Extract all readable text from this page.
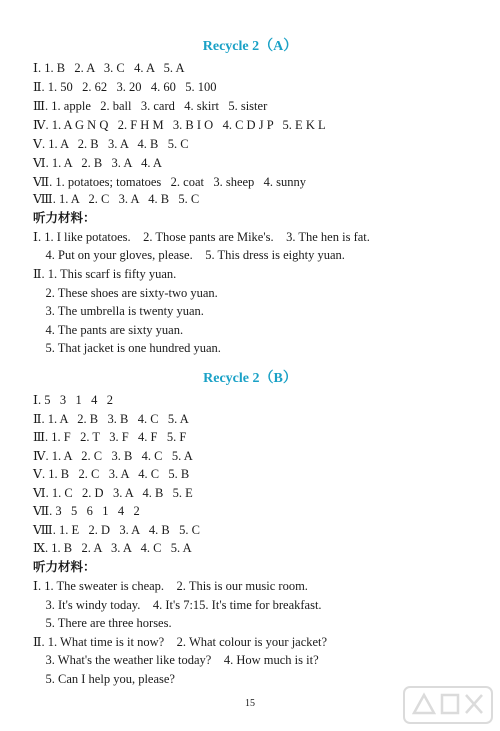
Recycle 2（A）
Ⅰ. 1. B   2. A   3. C   4. A   5. A
Ⅱ. 1. 50   2. 62   3. 20   4. 60   5. 100
Ⅲ. 1. apple   2. ball   3. card   4. skirt   5. sister
Ⅳ. 1. A G N Q   2. F H M   3. B I O   4. C D J P   5. E K L
Ⅴ. 1. A   2. B   3. A   4. B   5. C
Ⅵ. 1. A   2. B   3. A   4. A
Ⅶ. 1. potatoes; tomatoes   2. coat   3. sheep   4. sunny
Ⅷ. 1. A   2. C   3. A   4. B   5. C
听力材料：
Ⅰ. 1. I like potatoes.    2. Those pants are Mike's.    3. The hen is fat.
4. Put on your gloves, please.    5. This dress is eighty yuan.
Ⅱ. 1. This scarf is fifty yuan.
2. These shoes are sixty-two yuan.
3. The umbrella is twenty yuan.
4. The pants are sixty yuan.
5. That jacket is one hundred yuan.
Recycle 2（B）
Ⅰ. 5   3   1   4   2
Ⅱ. 1. A   2. B   3. B   4. C   5. A
Ⅲ. 1. F   2. T   3. F   4. F   5. F
Ⅳ. 1. A   2. C   3. B   4. C   5. A
Ⅴ. 1. B   2. C   3. A   4. C   5. B
Ⅵ. 1. C   2. D   3. A   4. B   5. E
Ⅶ. 3   5   6   1   4   2
Ⅷ. 1. E   2. D   3. A   4. B   5. C
Ⅸ. 1. B   2. A   3. A   4. C   5. A
听力材料：
Ⅰ. 1. The sweater is cheap.    2. This is our music room.
3. It's windy today.    4. It's 7:15. It's time for breakfast.
5. There are three horses.
Ⅱ. 1. What time is it now?    2. What colour is your jacket?
3. What's the weather like today?    4. How much is it?
5. Can I help you, please?
15
